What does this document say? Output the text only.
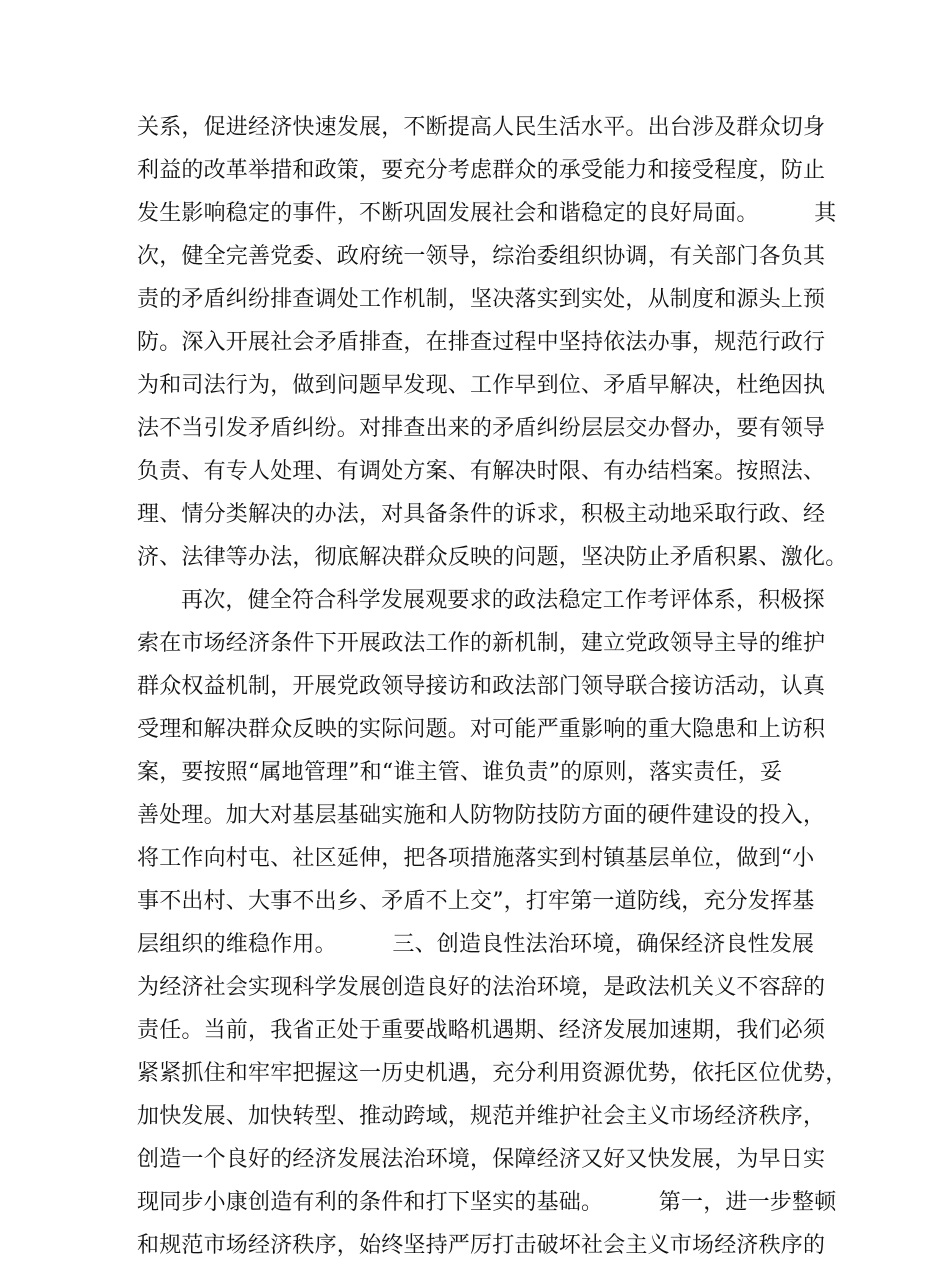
关系，促进经济快速发展，不断提高人民生活水平。出台涉及群众切身
利益的改革举措和政策，要充分考虑群众的承受能力和接受程度，防止
发生影响稳定的事件，不断巩固发展社会和谐稳定的良好局面。　　　其
次，健全完善党委、政府统一领导，综治委组织协调，有关部门各负其
责的矛盾纠纷排查调处工作机制，坚决落实到实处，从制度和源头上预
防。深入开展社会矛盾排查，在排查过程中坚持依法办事，规范行政行
为和司法行为，做到问题早发现、工作早到位、矛盾早解决，杜绝因执
法不当引发矛盾纠纷。对排查出来的矛盾纠纷层层交办督办，要有领导
负责、有专人处理、有调处方案、有解决时限、有办结档案。按照法、
理、情分类解决的办法，对具备条件的诉求，积极主动地采取行政、经
济、法律等办法，彻底解决群众反映的问题，坚决防止矛盾积累、激化。
再次，健全符合科学发展观要求的政法稳定工作考评体系，积极探
索在市场经济条件下开展政法工作的新机制，建立党政领导主导的维护
群众权益机制，开展党政领导接访和政法部门领导联合接访活动，认真
受理和解决群众反映的实际问题。对可能严重影响的重大隐患和上访积
案，要按照“属地管理”和“谁主管、谁负责”的原则，落实责任，妥
善处理。加大对基层基础实施和人防物防技防方面的硬件建设的投入，
将工作向村屯、社区延伸，把各项措施落实到村镇基层单位，做到“小
事不出村、大事不出乡、矛盾不上交”，打牢第一道防线，充分发挥基
层组织的维稳作用。　　　三、创造良性法治环境，确保经济良性发展
为经济社会实现科学发展创造良好的法治环境，是政法机关义不容辞的
责任。当前，我省正处于重要战略机遇期、经济发展加速期，我们必须
紧紧抓住和牢牢把握这一历史机遇，充分利用资源优势，依托区位优势，
加快发展、加快转型、推动跨域，规范并维护社会主义市场经济秩序，
创造一个良好的经济发展法治环境，保障经济又好又快发展，为早日实
现同步小康创造有利的条件和打下坚实的基础。　　　第一，进一步整顿
和规范市场经济秩序，始终坚持严厉打击破坏社会主义市场经济秩序的
